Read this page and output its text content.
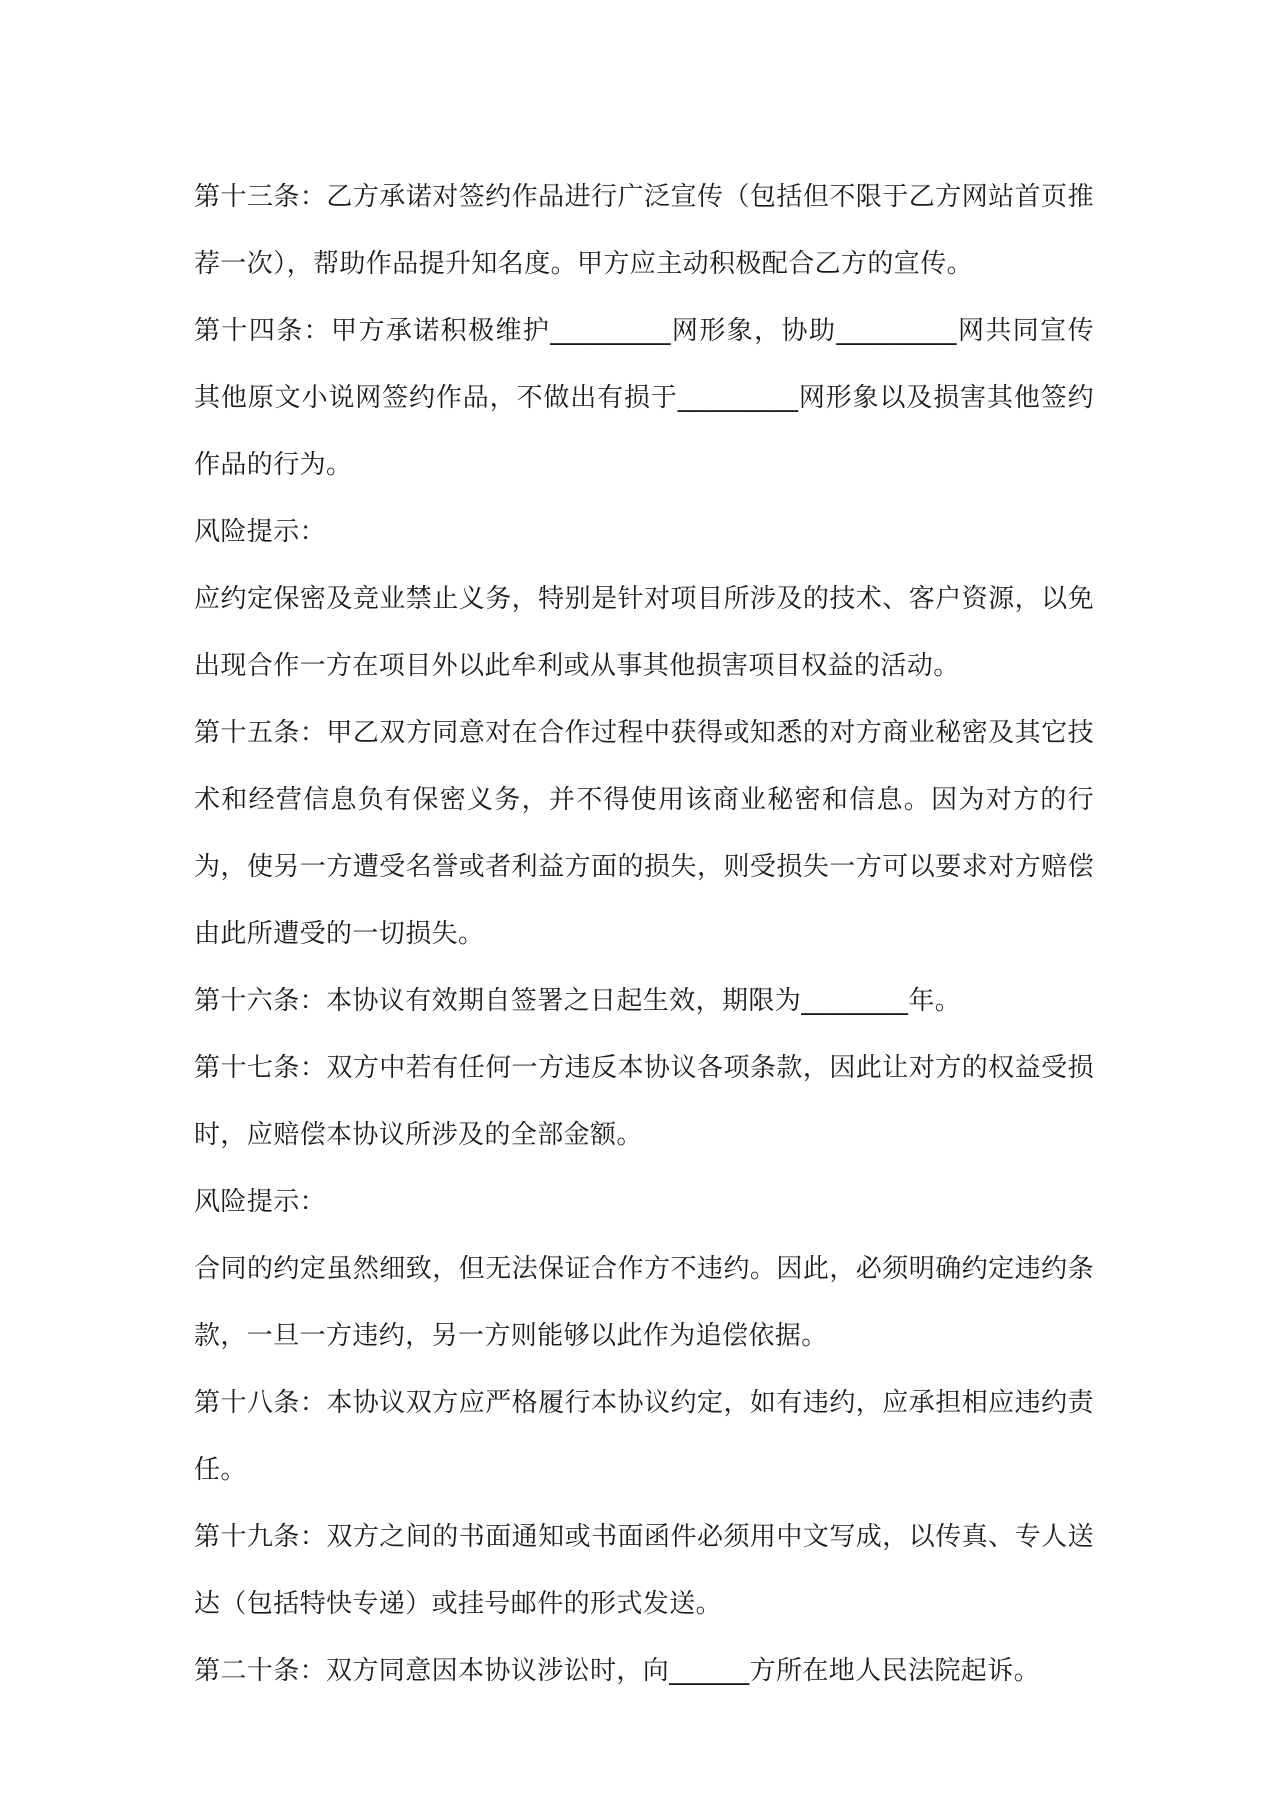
第十三条：乙方承诺对签约作品进行广泛宣传（包括但不限于乙方网站首页推荐一次），帮助作品提升知名度。甲方应主动积极配合乙方的宣传。

第十四条：甲方承诺积极维护_________网形象，协助_________网共同宣传其他原文小说网签约作品，不做出有损于_________网形象以及损害其他签约作品的行为。

风险提示：

应约定保密及竞业禁止义务，特别是针对项目所涉及的技术、客户资源，以免出现合作一方在项目外以此牟利或从事其他损害项目权益的活动。

第十五条：甲乙双方同意对在合作过程中获得或知悉的对方商业秘密及其它技术和经营信息负有保密义务，并不得使用该商业秘密和信息。因为对方的行为，使另一方遭受名誉或者利益方面的损失，则受损失一方可以要求对方赔偿由此所遭受的一切损失。

第十六条：本协议有效期自签署之日起生效，期限为________年。

第十七条：双方中若有任何一方违反本协议各项条款，因此让对方的权益受损时，应赔偿本协议所涉及的全部金额。

风险提示：

合同的约定虽然细致，但无法保证合作方不违约。因此，必须明确约定违约条款，一旦一方违约，另一方则能够以此作为追偿依据。

第十八条：本协议双方应严格履行本协议约定，如有违约，应承担相应违约责任。

第十九条：双方之间的书面通知或书面函件必须用中文写成，以传真、专人送达（包括特快专递）或挂号邮件的形式发送。

第二十条：双方同意因本协议涉讼时，向______方所在地人民法院起诉。
